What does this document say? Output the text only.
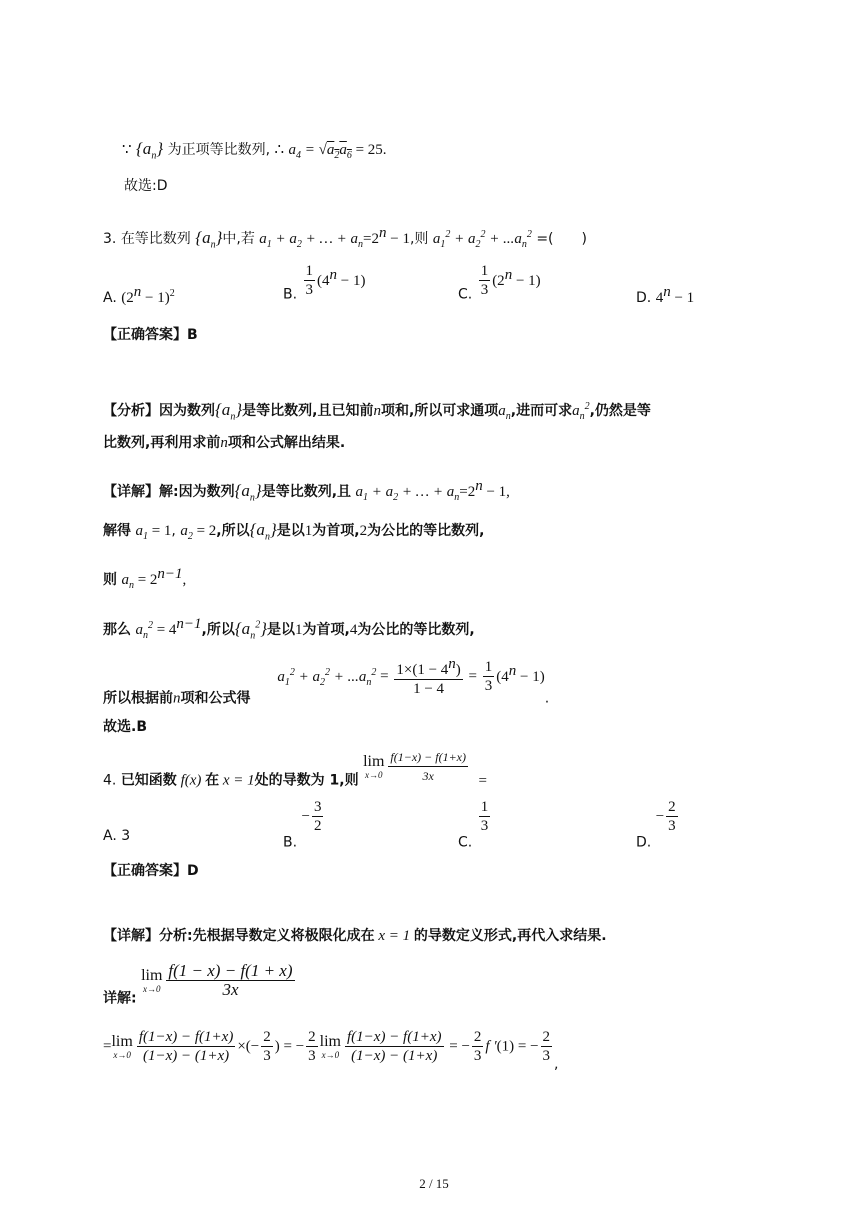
∵ $\{a_n\}$ 为正项等比数列, ∴ $a_4 = √a_2a_6 = 25$.
故选:D
3. 在等比数列 $\{a_n\}$中,若 $a_1 + a_2$ + … + $a_n=2^n - 1$,则 $a_1^2 + a_2^2 + ...a_n^2$ =(　　)
A. $(2^n - 1)^2$	B. $\frac{1}{3} (4^n - 1)$
C. $\frac{1}{3} (2^n - 1)$
D. $4^n - 1$
【正确答案】B
【分析】因为数列$\{a_n\}$是等比数列,且已知前n项和,所以可求通项$a_n$,进而可求$a_n^2$,仍然是等
比数列,再利用求前n项和公式解出结果.
【详解】解:因为数列$\{a_n\}$是等比数列,且 $a_1 + a_2$ + … + $a_n=2^n - 1$,
解得 $a_1 = 1$, $a_2 = 2$,所以$\{a_n\}$是以1为首项,2为公比的等比数列,
则 $a_n = 2^{n-1}$,
那么 $a_n^2 = 4^{n-1}$,所以$\{a_n^2\}$是以1为首项,4为公比的等比数列,
所以根据前n项和公式得  $a_1^2 + a_2^2 + ...a_n^2 = \frac{1\times(1 - 4^n)}{1 - 4} = \frac{1}{3} (4^n - 1)$.
故选.B
4. 已知函数 f(x) 在 x = 1处的导数为 1,则
lim
$x\to 0 \frac{f(1-x) - f(1+x)}{3x}$ =
A. 3	B. − $\frac{3}{2}$
C.
$\frac{1}{3}$
D. − $\frac{2}{3}$
【正确答案】D
【详解】分析:先根据导数定义将极限化成在 x = 1 的导数定义形式,再代入求结果.
详解:
lim
$x\to 0 \frac{f(1 - x) - f(1 + x)}{3x}$
= lim
$x\to 0 \frac{f(1-x) - f(1+x)}{(1-x) - (1+x)}$ ×(− $\frac{2}{3}$ ) = − $\frac{2}{3}$ lim
$x\to 0 \frac{f(1-x) - f(1+x)}{(1-x) - (1+x)}$ = − $\frac{2}{3}$ f ′(1) = − $\frac{2}{3}$ ,
2 / 15
